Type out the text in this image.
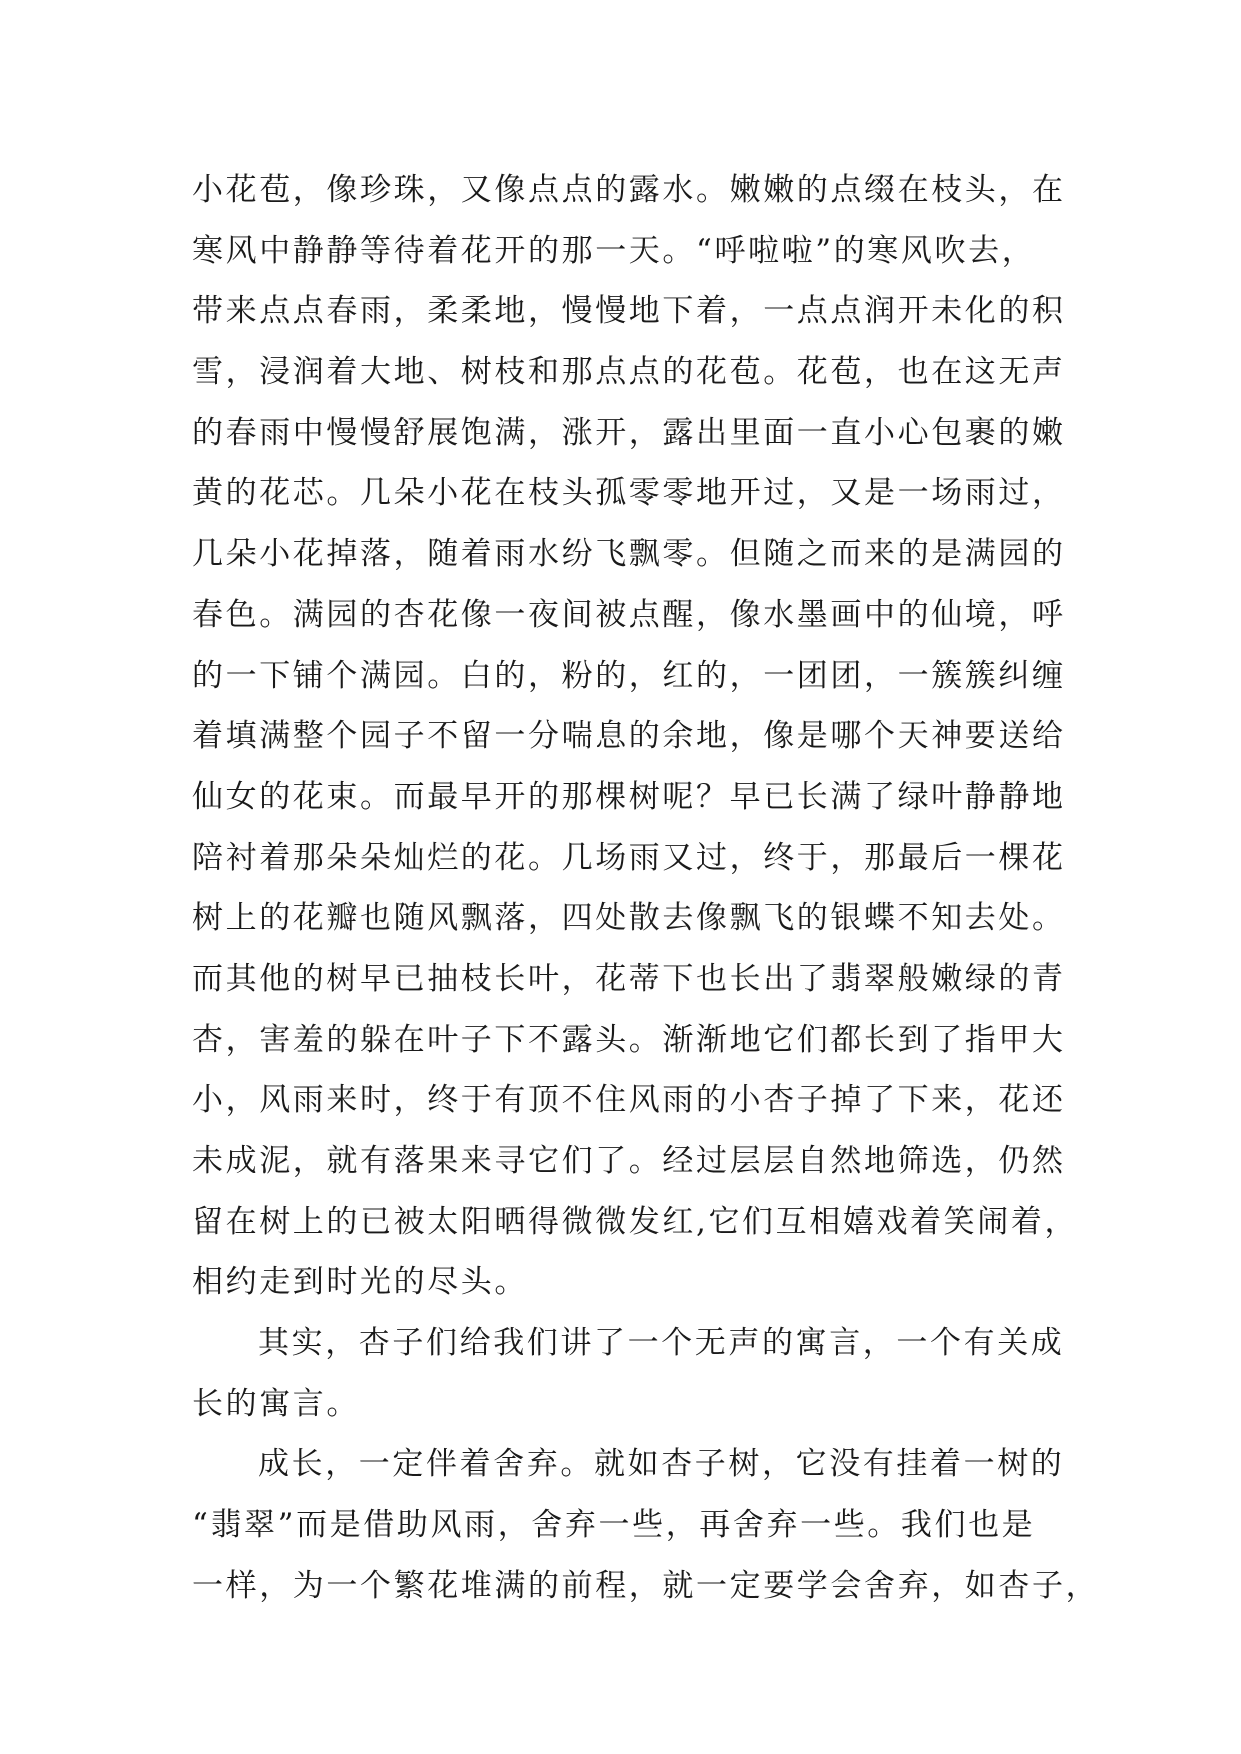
小花苞，像珍珠，又像点点的露水。嫩嫩的点缀在枝头，在
寒风中静静等待着花开的那一天。“呼啦啦”的寒风吹去，
带来点点春雨，柔柔地，慢慢地下着，一点点润开未化的积
雪，浸润着大地、树枝和那点点的花苞。花苞，也在这无声
的春雨中慢慢舒展饱满，涨开，露出里面一直小心包裹的嫩
黄的花芯。几朵小花在枝头孤零零地开过，又是一场雨过，
几朵小花掉落，随着雨水纷飞飘零。但随之而来的是满园的
春色。满园的杏花像一夜间被点醒，像水墨画中的仙境，呼
的一下铺个满园。白的，粉的，红的，一团团，一簇簇纠缠
着填满整个园子不留一分喘息的余地，像是哪个天神要送给
仙女的花束。而最早开的那棵树呢？早已长满了绿叶静静地
陪衬着那朵朵灿烂的花。几场雨又过，终于，那最后一棵花
树上的花瓣也随风飘落，四处散去像飘飞的银蝶不知去处。
而其他的树早已抽枝长叶，花蒂下也长出了翡翠般嫩绿的青
杏，害羞的躲在叶子下不露头。渐渐地它们都长到了指甲大
小，风雨来时，终于有顶不住风雨的小杏子掉了下来，花还
未成泥，就有落果来寻它们了。经过层层自然地筛选，仍然
留在树上的已被太阳晒得微微发红,它们互相嬉戏着笑闹着，
相约走到时光的尽头。
其实，杏子们给我们讲了一个无声的寓言，一个有关成
长的寓言。
成长，一定伴着舍弃。就如杏子树，它没有挂着一树的
“翡翠”而是借助风雨，舍弃一些，再舍弃一些。我们也是
一样，为一个繁花堆满的前程，就一定要学会舍弃，如杏子，
